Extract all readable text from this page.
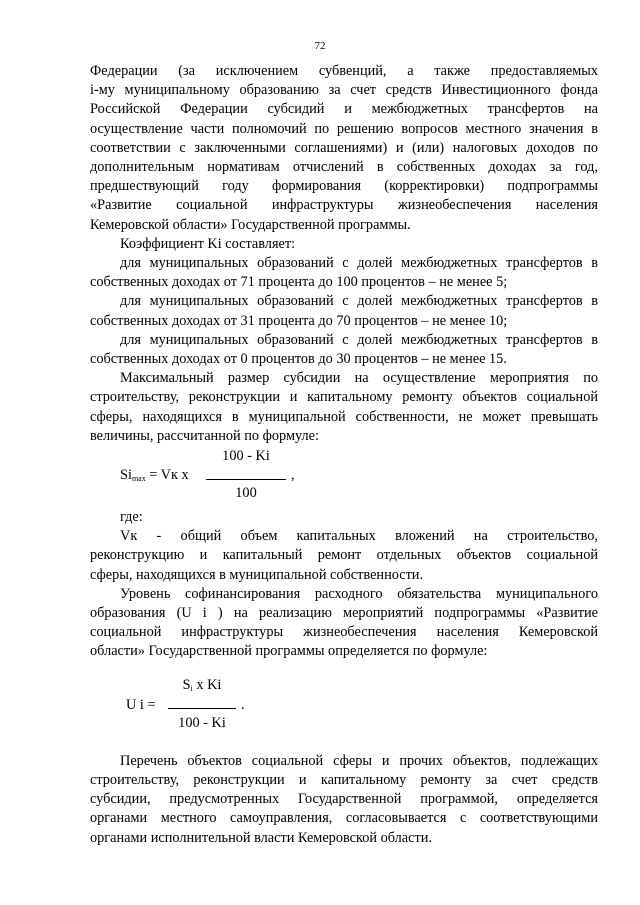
72

Федерации (за исключением субвенций, а также предоставляемых

i-му муниципальному образованию за счет средств Инвестиционного фонда

Российской Федерации субсидий и межбюджетных трансфертов на

осуществление части полномочий по решению вопросов местного значения в

соответствии с заключенными соглашениями) и (или) налоговых доходов по

дополнительным нормативам отчислений в собственных доходах за год,

предшествующий году формирования (корректировки) подпрограммы

«Развитие социальной инфраструктуры жизнеобеспечения населения

Кемеровской области» Государственной программы.

Коэффициент Ki составляет:

для муниципальных образований с долей межбюджетных трансфертов в

собственных доходах от 71 процента до 100 процентов – не менее 5;

для муниципальных образований с долей межбюджетных трансфертов в

собственных доходах от 31 процента до 70 процентов – не менее 10;

для муниципальных образований с долей межбюджетных трансфертов в

собственных доходах от 0 процентов до 30 процентов – не менее 15.

Максимальный размер субсидии на осуществление мероприятия по

строительству, реконструкции и капитальному ремонту объектов социальной

сферы, находящихся в муниципальной собственности, не может превышать

величины, рассчитанной по формуле:

100 - Ki
$Si_{max}$ = Vк х	,
100

где:

Vк - общий объем капитальных вложений на строительство,

реконструкцию и капитальный ремонт отдельных объектов социальной

сферы, находящихся в муниципальной собственности.

Уровень софинансирования расходного обязательства муниципального

образования (U i ) на реализацию мероприятий подпрограммы «Развитие

социальной инфраструктуры жизнеобеспечения населения Кемеровской

области» Государственной программы определяется по формуле:

$S_i$ х Ki
U i =	.
100 - Ki

Перечень объектов социальной сферы и прочих объектов, подлежащих

строительству, реконструкции и капитальному ремонту за счет средств

субсидии, предусмотренных Государственной программой, определяется

органами местного самоуправления, согласовывается с соответствующими

органами исполнительной власти Кемеровской области.
